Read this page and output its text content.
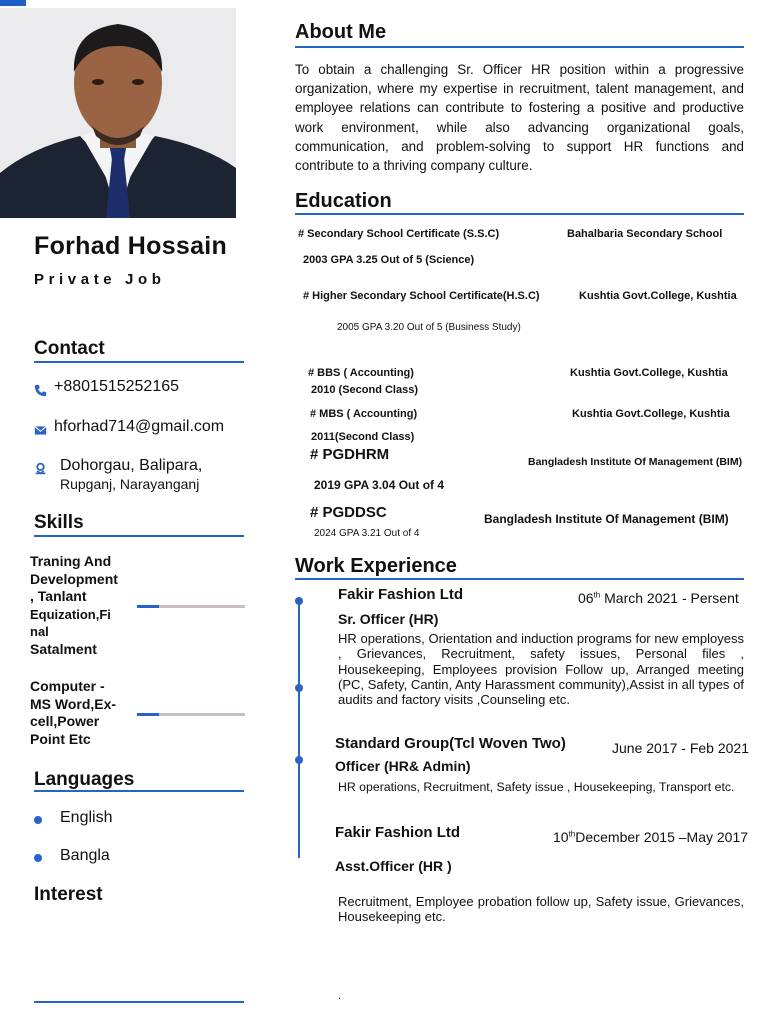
Forhad Hossain
Private Job
Contact
+8801515252165
hforhad714@gmail.com
Dohorgau, Balipara,
Rupganj, Narayanganj
Skills
Traning And
Development
, Tanlant
Equization,Fi
nal
Satalment
Computer -
MS Word,Ex-
cell,Power
Point Etc
Languages
English
Bangla
Interest
About Me
To obtain a challenging Sr. Officer HR position within a progressive organization, where my expertise in recruitment, talent management, and employee relations can contribute to fostering a positive and productive work environment, while also advancing organizational goals, communication, and problem-solving to support HR functions and contribute to a thriving company culture.
Education
# Secondary School Certificate (S.S.C)	Bahalbaria Secondary School
2003 GPA 3.25 Out of 5 (Science)
# Higher Secondary School Certificate(H.S.C)	Kushtia Govt.College, Kushtia
2005 GPA 3.20 Out of 5 (Business Study)
# BBS ( Accounting)	Kushtia Govt.College, Kushtia
2010 (Second Class)
# MBS ( Accounting)	Kushtia Govt.College, Kushtia
2011(Second Class)
# PGDHRM	Bangladesh Institute Of Management (BIM)
2019 GPA 3.04 Out of 4
# PGDDSC	Bangladesh Institute Of Management (BIM)
2024 GPA 3.21 Out of 4
Work Experience
Fakir Fashion Ltd	06th March 2021 - Persent
Sr. Officer (HR)
HR operations, Orientation and induction programs for new employess , Grievances, Recruitment, safety issues, Personal files , Housekeeping, Employees provision Follow up, Arranged meeting (PC, Safety, Cantin, Anty Harassment community),Assist in all types of audits and factory visits ,Counseling etc.
Standard Group(Tcl Woven Two)	June 2017 - Feb 2021
Officer (HR& Admin)
HR operations, Recruitment, Safety issue , Housekeeping, Transport etc.
Fakir Fashion Ltd	10thDecember 2015 –May 2017
Asst.Officer (HR )
Recruitment, Employee probation follow up, Safety issue, Grievances, Housekeeping etc.
.
